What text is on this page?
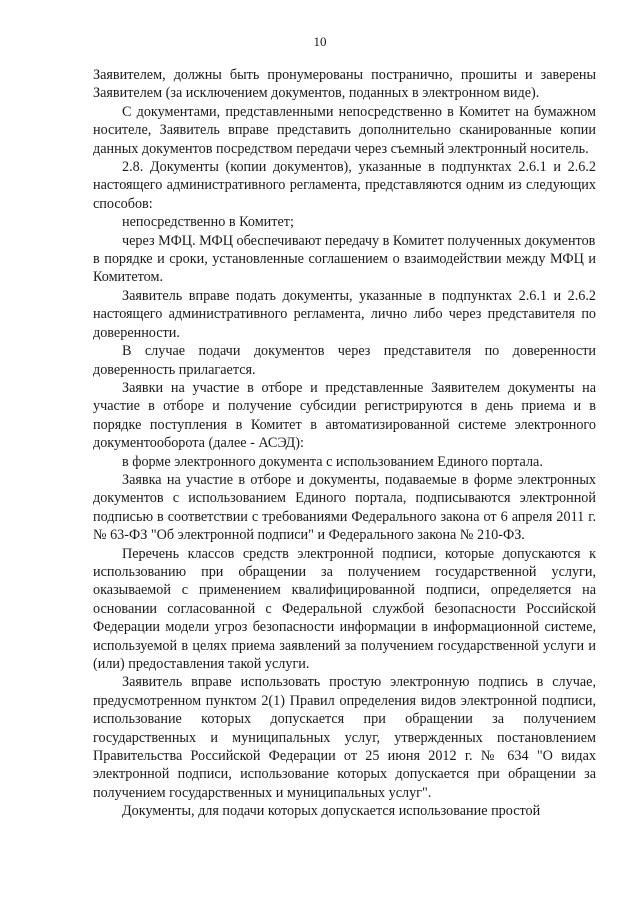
10

Заявителем, должны быть пронумерованы постранично, прошиты и заверены Заявителем (за исключением документов, поданных в электронном виде).

С документами, представленными непосредственно в Комитет на бумажном носителе, Заявитель вправе представить дополнительно сканированные копии данных документов посредством передачи через съемный электронный носитель.

2.8. Документы (копии документов), указанные в подпунктах 2.6.1 и 2.6.2 настоящего административного регламента, представляются одним из следующих способов:

непосредственно в Комитет;

через МФЦ. МФЦ обеспечивают передачу в Комитет полученных документов

в порядке и сроки, установленные соглашением о взаимодействии между МФЦ и Комитетом.

Заявитель вправе подать документы, указанные в подпунктах 2.6.1 и 2.6.2 настоящего административного регламента, лично либо через представителя по доверенности.

В случае подачи документов через представителя по доверенности доверенность прилагается.

Заявки на участие в отборе и представленные Заявителем документы на участие в отборе и получение субсидии регистрируются в день приема и в порядке поступления в Комитет в автоматизированной системе электронного документооборота (далее - АСЭД):

в форме электронного документа с использованием Единого портала.

Заявка на участие в отборе и документы, подаваемые в форме электронных документов с использованием Единого портала, подписываются электронной подписью в соответствии с требованиями Федерального закона от 6 апреля 2011 г. № 63-ФЗ "Об электронной подписи" и Федерального закона № 210-ФЗ.

Перечень классов средств электронной подписи, которые допускаются к использованию при обращении за получением государственной услуги, оказываемой с применением квалифицированной подписи, определяется на основании согласованной с Федеральной службой безопасности Российской Федерации модели угроз безопасности информации в информационной системе, используемой в целях приема заявлений за получением государственной услуги и (или) предоставления такой услуги.

Заявитель вправе использовать простую электронную подпись в случае, предусмотренном пунктом 2(1) Правил определения видов электронной подписи, использование которых допускается при обращении за получением государственных и муниципальных услуг, утвержденных постановлением Правительства Российской Федерации от 25 июня 2012 г. № 634 "О видах электронной подписи, использование которых допускается при обращении за получением государственных и муниципальных услуг".

Документы, для подачи которых допускается использование простой
